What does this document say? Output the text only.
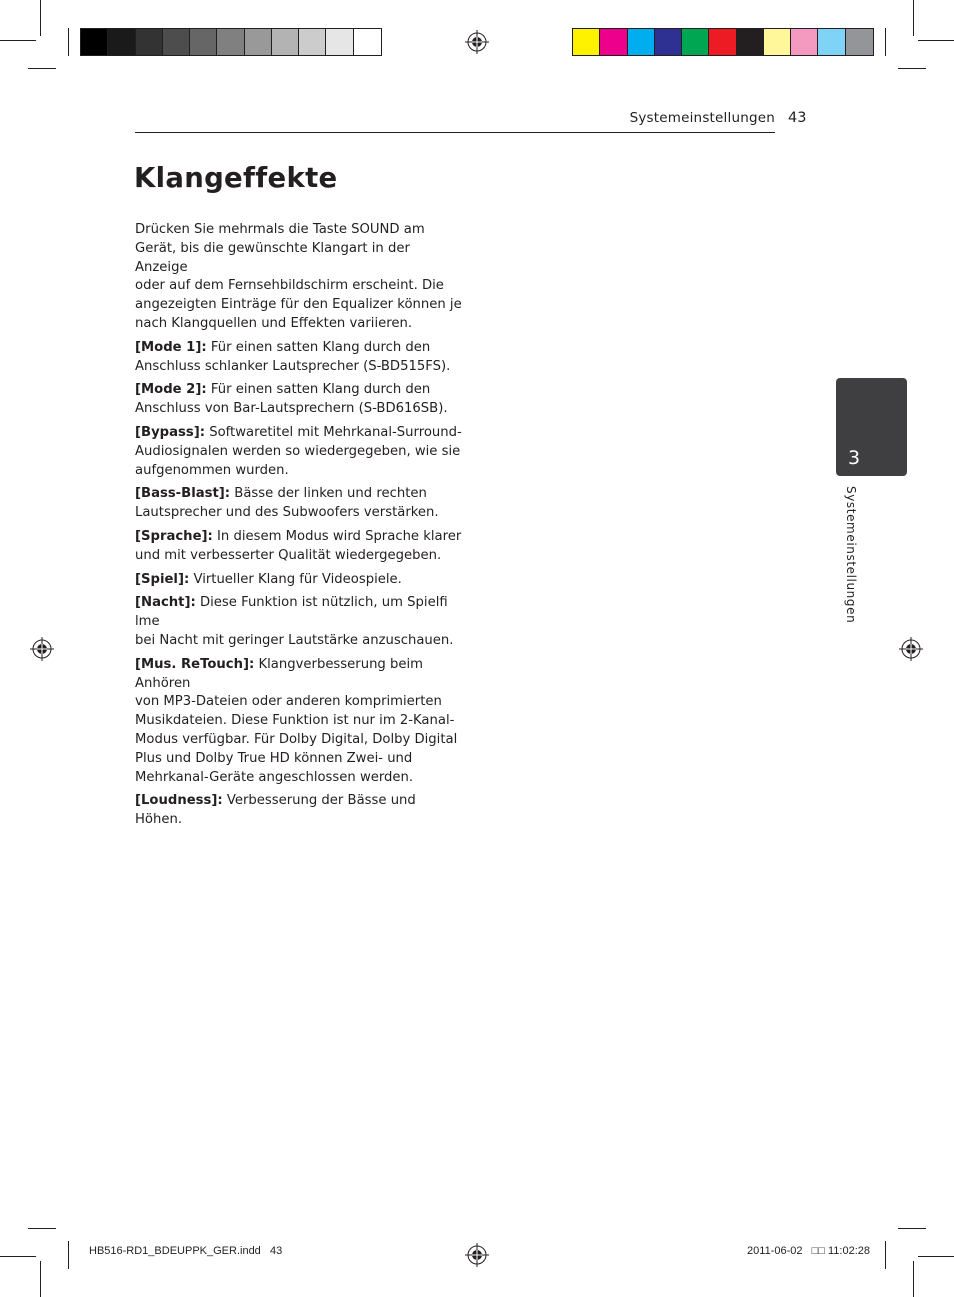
Systemeinstellungen 43
Klangeffekte

Drücken Sie mehrmals die Taste SOUND am
Gerät, bis die gewünschte Klangart in der Anzeige
oder auf dem Fernsehbildschirm erscheint. Die
angezeigten Einträge für den Equalizer können je
nach Klangquellen und Effekten variieren.

[Mode 1]: Für einen satten Klang durch den
Anschluss schlanker Lautsprecher (S-BD515FS).

[Mode 2]: Für einen satten Klang durch den
Anschluss von Bar-Lautsprechern (S-BD616SB).

[Bypass]: Softwaretitel mit Mehrkanal-Surround-
Audiosignalen werden so wiedergegeben, wie sie
aufgenommen wurden.

[Bass-Blast]: Bässe der linken und rechten
Lautsprecher und des Subwoofers verstärken.

[Sprache]: In diesem Modus wird Sprache klarer
und mit verbesserter Qualität wiedergegeben.

[Spiel]: Virtueller Klang für Videospiele.

[Nacht]: Diese Funktion ist nützlich, um Spielfi lme
bei Nacht mit geringer Lautstärke anzuschauen.

[Mus. ReTouch]: Klangverbesserung beim Anhören
von MP3-Dateien oder anderen komprimierten
Musikdateien. Diese Funktion ist nur im 2-Kanal-
Modus verfügbar. Für Dolby Digital, Dolby Digital
Plus und Dolby True HD können Zwei- und
Mehrkanal-Geräte angeschlossen werden.

[Loudness]: Verbesserung der Bässe und Höhen.

3
Systemeinstellungen
HB516-RD1_BDEUPPK_GER.indd   43	2011-06-02   □□ 11:02:28
